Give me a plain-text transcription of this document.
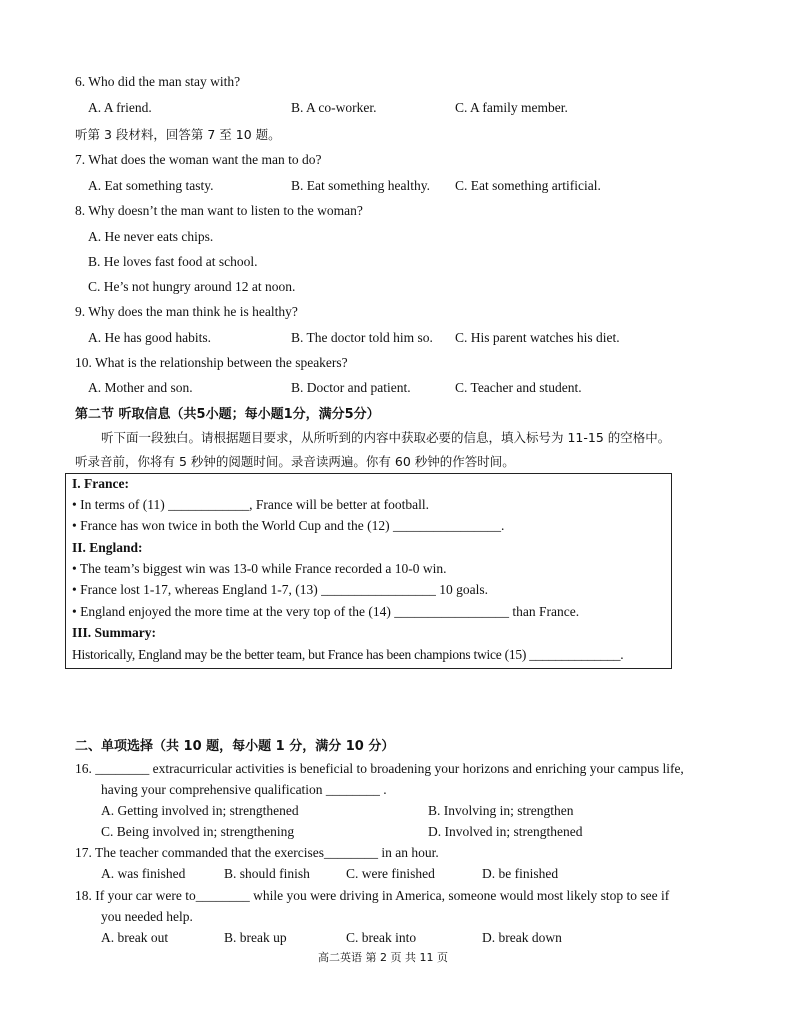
6. Who did the man stay with?
A. A friend.	B. A co-worker.	C. A family member.
听第 3 段材料，回答第 7 至 10 题。
7. What does the woman want the man to do?
A. Eat something tasty.	B. Eat something healthy. C. Eat something artificial.
8. Why doesn’t the man want to listen to the woman?
A. He never eats chips.
B. He loves fast food at school.
C. He’s not hungry around 12 at noon.
9. Why does the man think he is healthy?
A. He has good habits.	B. The doctor told him so. C. His parent watches his diet.
10. What is the relationship between the speakers?
A. Mother and son.	B. Doctor and patient.	C. Teacher and student.
第二节 听取信息（共5小题；每小题1分，满分5分）
听下面一段独白。请根据题目要求，从所听到的内容中获取必要的信息，填入标号为 11-15 的空格中。
听录音前，你将有 5 秒钟的阅题时间。录音读两遍。你有 60 秒钟的作答时间。
I. France:
• In terms of (11) ____________, France will be better at football.
• France has won twice in both the World Cup and the (12) ________________.
II. England:
• The team’s biggest win was 13-0 while France recorded a 10-0 win.
• France lost 1-17, whereas England 1-7, (13) _________________ 10 goals.
• England enjoyed the more time at the very top of the (14) _________________ than France.
III. Summary:
Historically, England may be the better team, but France has been champions twice (15) ______________.
二、单项选择（共 10 题，每小题 1 分，满分 10 分）
16. ________ extracurricular activities is beneficial to broadening your horizons and enriching your campus life,
having your comprehensive qualification ________ .
A. Getting involved in; strengthened	B. Involving in; strengthen
C. Being involved in; strengthening	D. Involved in; strengthened
17. The teacher commanded that the exercises________ in an hour.
A. was finished	B. should finish	C. were finished	D. be finished
18. If your car were to________ while you were driving in America, someone would most likely stop to see if
you needed help.
A. break out	B. break up	C. break into	D. break down
高二英语 第 2 页 共 11 页
